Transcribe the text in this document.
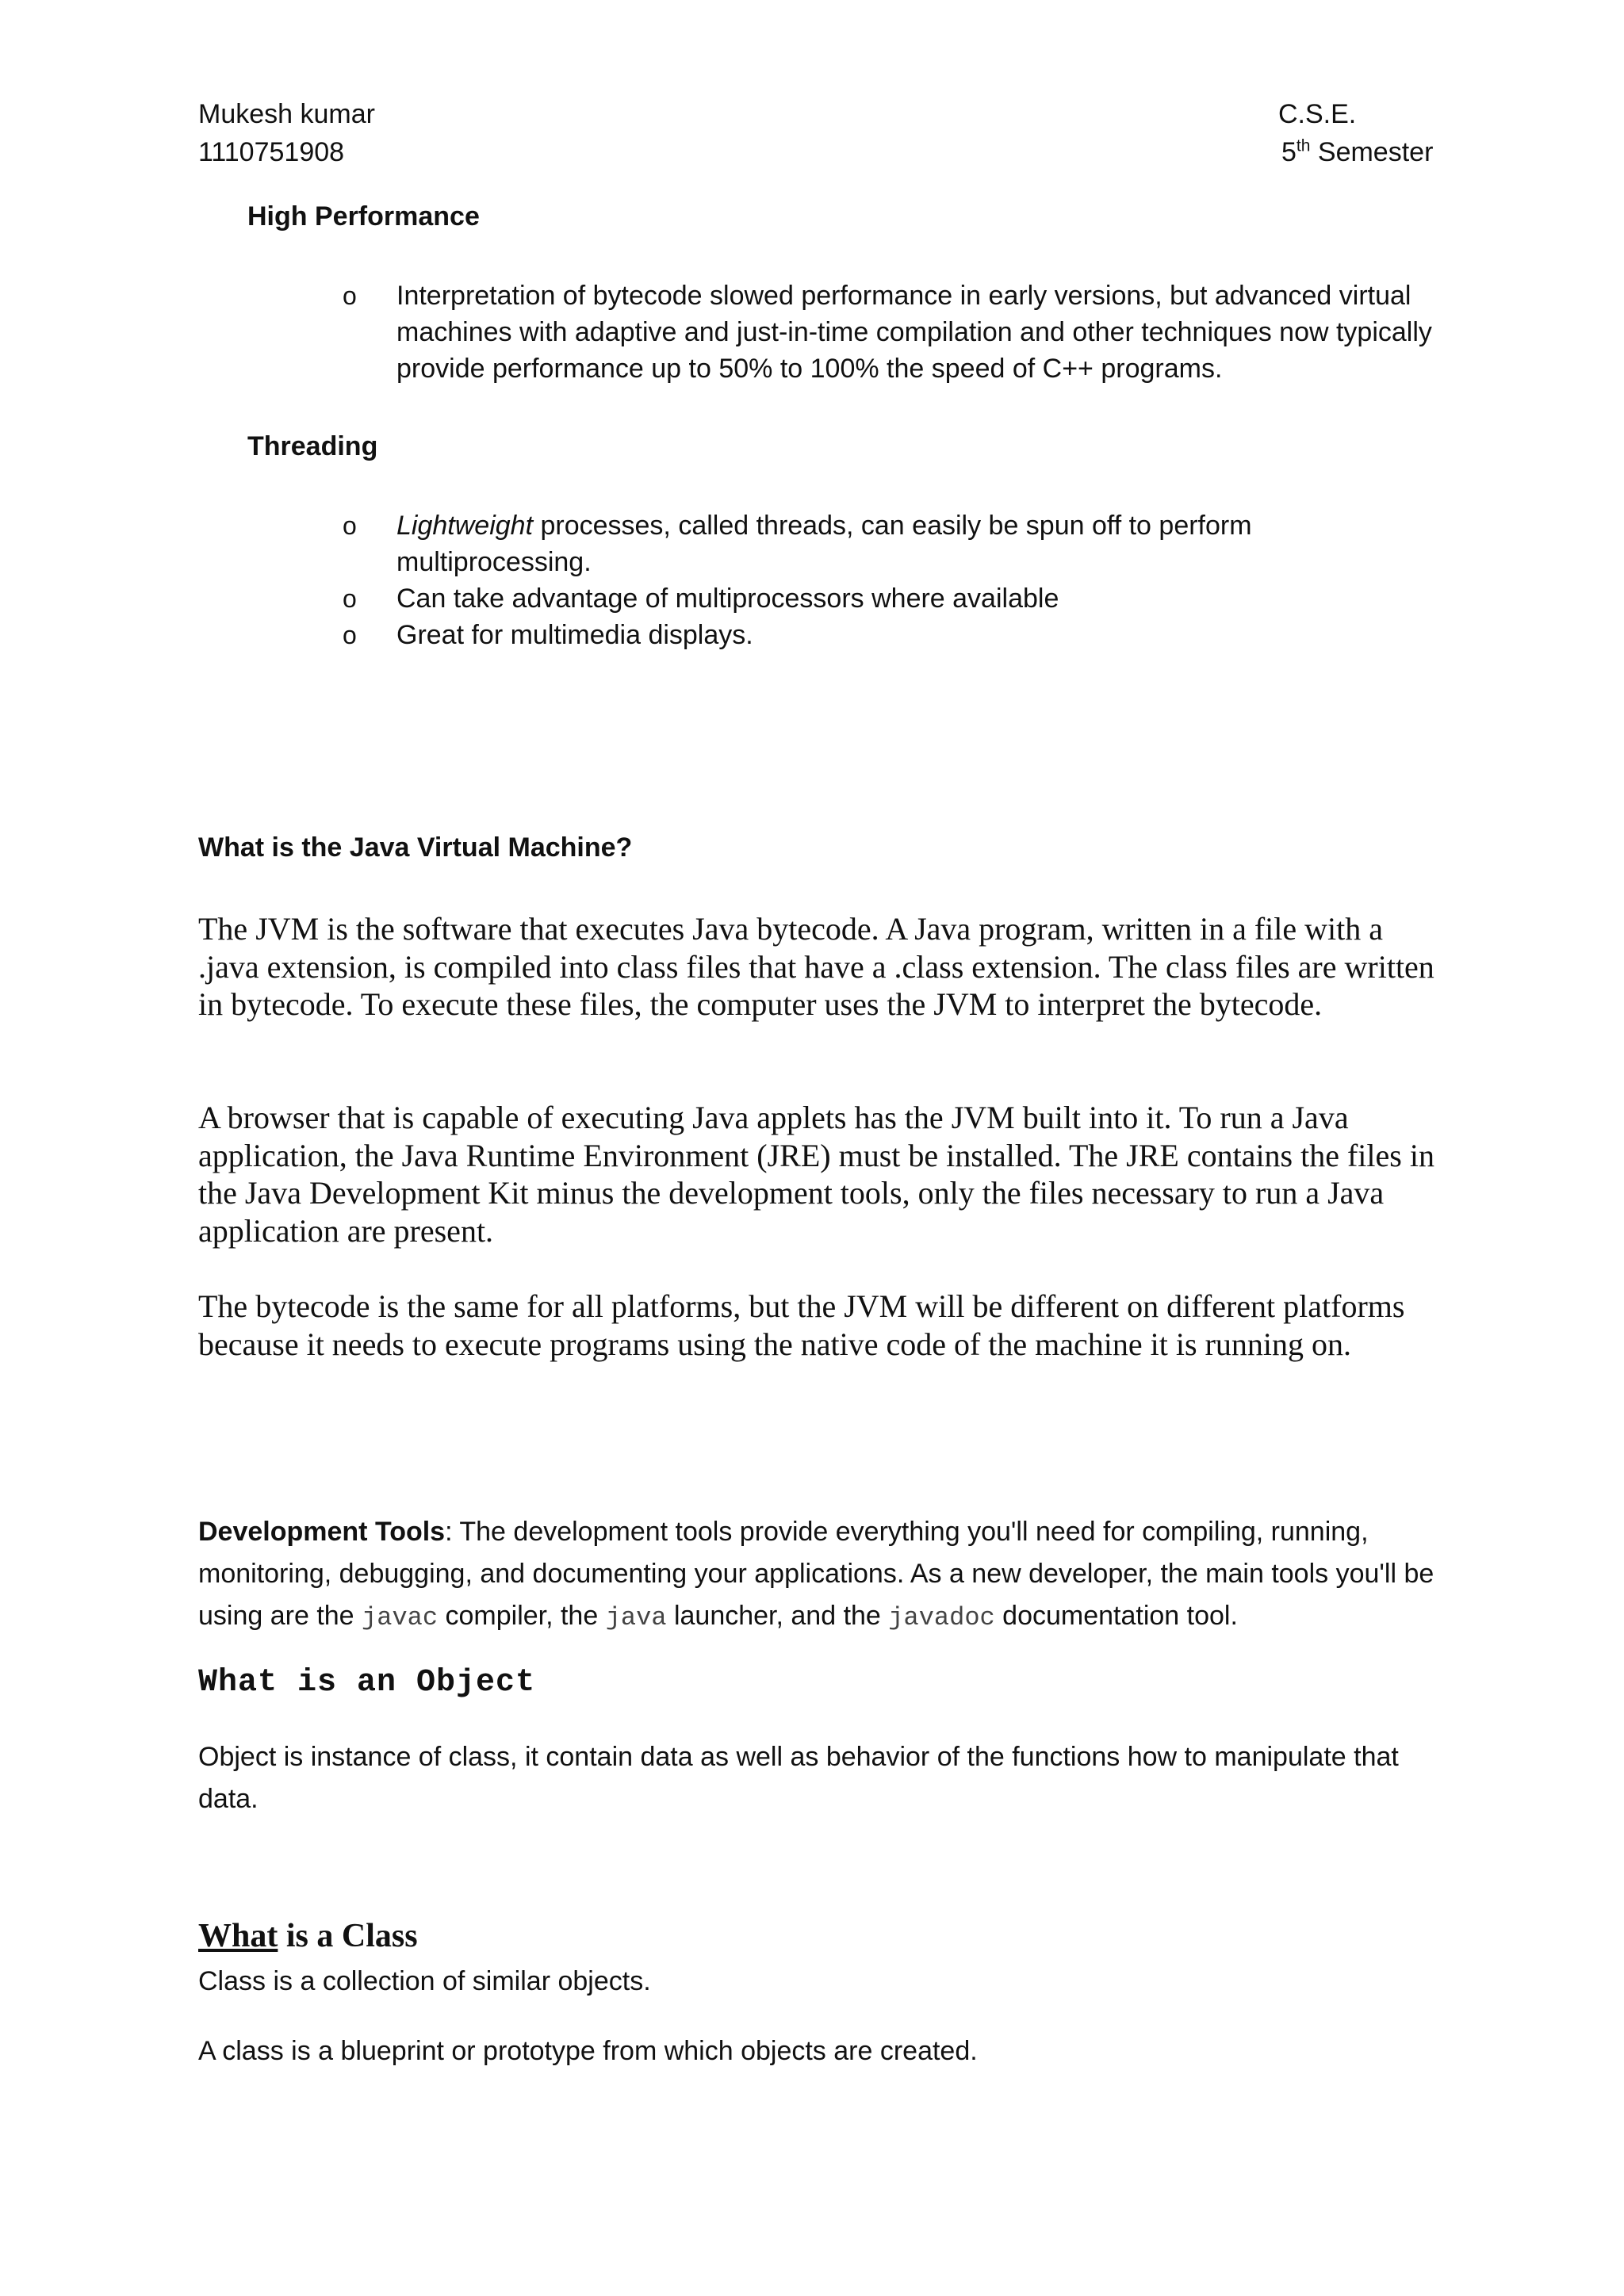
Mukesh kumar
1110751908
C.S.E.
5th Semester
High Performance
o Interpretation of bytecode slowed performance in early versions, but advanced virtual machines with adaptive and just-in-time compilation and other techniques now typically provide performance up to 50% to 100% the speed of C++ programs.
Threading
o Lightweight processes, called threads, can easily be spun off to perform multiprocessing.
o Can take advantage of multiprocessors where available
o Great for multimedia displays.
What is the Java Virtual Machine?

The JVM is the software that executes Java bytecode. A Java program, written in a file with a .java extension, is compiled into class files that have a .class extension. The class files are written in bytecode. To execute these files, the computer uses the JVM to interpret the bytecode.

A browser that is capable of executing Java applets has the JVM built into it. To run a Java application, the Java Runtime Environment (JRE) must be installed. The JRE contains the files in the Java Development Kit minus the development tools, only the files necessary to run a Java application are present.

The bytecode is the same for all platforms, but the JVM will be different on different platforms because it needs to execute programs using the native code of the machine it is running on.

Development Tools: The development tools provide everything you'll need for compiling, running, monitoring, debugging, and documenting your applications. As a new developer, the main tools you'll be using are the javac compiler, the java launcher, and the javadoc documentation tool.

What is an Object

Object is instance of class, it contain data as well as behavior of the functions how to manipulate that data.

What is a Class
Class is a collection of similar objects.
A class is a blueprint or prototype from which objects are created.
